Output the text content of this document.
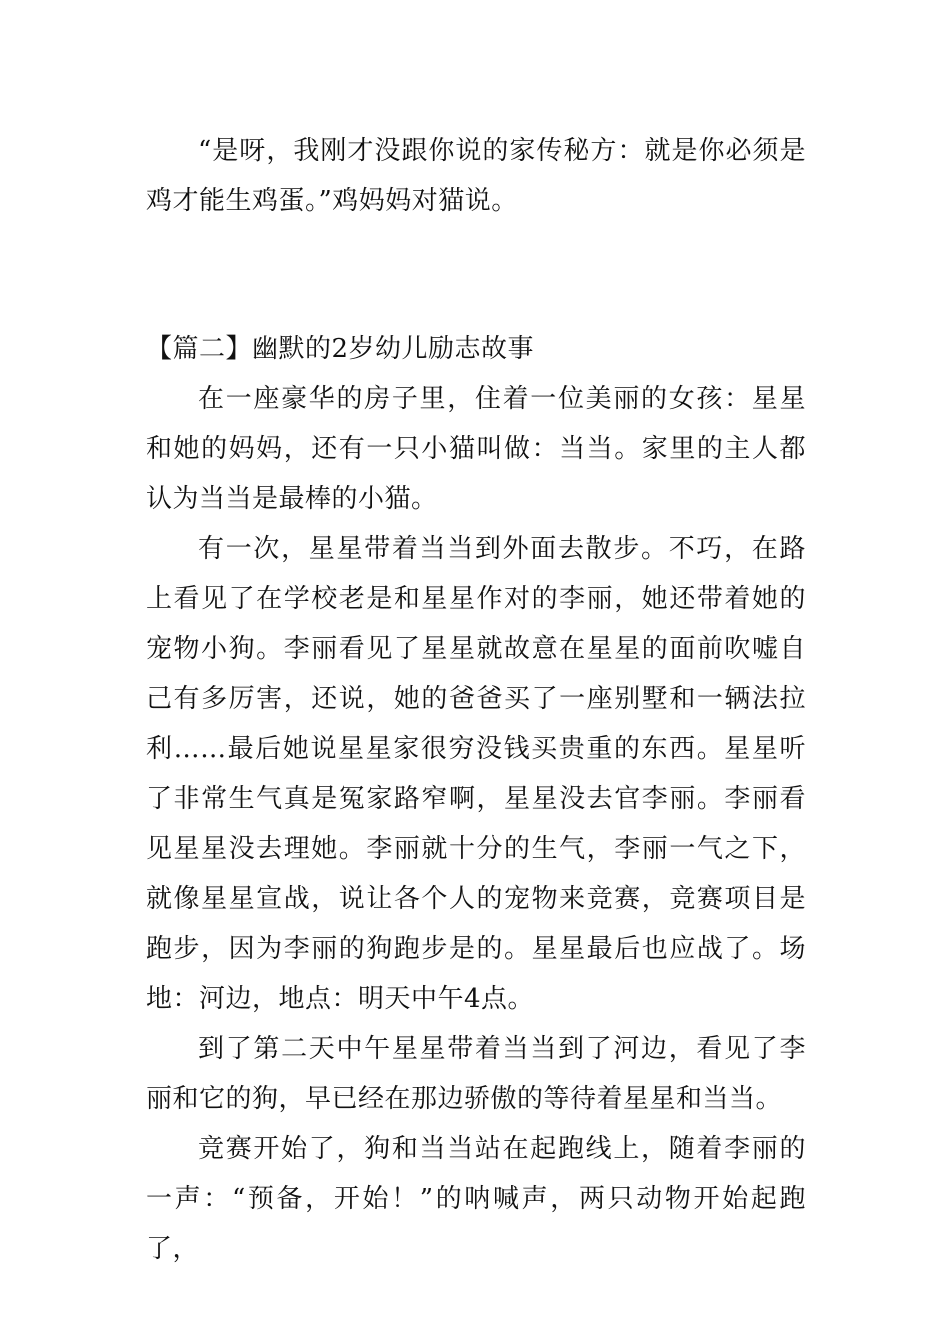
“是呀，我刚才没跟你说的家传秘方：就是你必须是鸡才能生鸡蛋。”鸡妈妈对猫说。

【篇二】幽默的2岁幼儿励志故事

在一座豪华的房子里，住着一位美丽的女孩：星星和她的妈妈，还有一只小猫叫做：当当。家里的主人都认为当当是最棒的小猫。

有一次，星星带着当当到外面去散步。不巧，在路上看见了在学校老是和星星作对的李丽，她还带着她的宠物小狗。李丽看见了星星就故意在星星的面前吹嘘自己有多厉害，还说，她的爸爸买了一座别墅和一辆法拉利……最后她说星星家很穷没钱买贵重的东西。星星听了非常生气真是冤家路窄啊，星星没去官李丽。李丽看见星星没去理她。李丽就十分的生气，李丽一气之下，就像星星宣战，说让各个人的宠物来竞赛，竞赛项目是跑步，因为李丽的狗跑步是的。星星最后也应战了。场地：河边，地点：明天中午4点。

到了第二天中午星星带着当当到了河边，看见了李丽和它的狗，早已经在那边骄傲的等待着星星和当当。

竞赛开始了，狗和当当站在起跑线上，随着李丽的一声：“预备，开始！”的呐喊声，两只动物开始起跑了，
